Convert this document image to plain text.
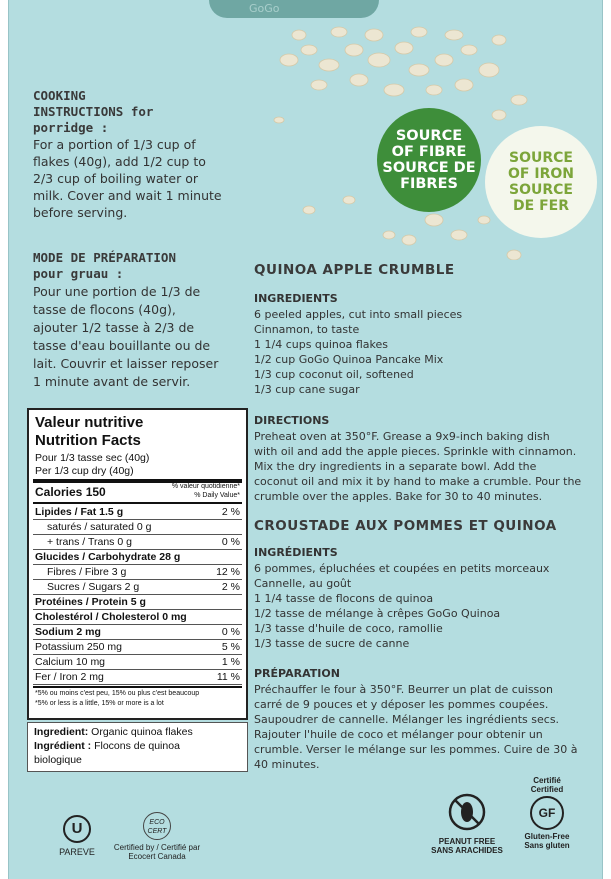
GoGo
COOKING
INSTRUCTIONS for
porridge :
For a portion of 1/3 cup of
flakes (40g), add 1/2 cup to
2/3 cup of boiling water or
milk. Cover and wait 1 minute
before serving.
MODE DE PRÉPARATION
pour gruau :
Pour une portion de 1/3 de
tasse de flocons (40g),
ajouter 1/2 tasse à 2/3 de
tasse d'eau bouillante ou de
lait. Couvrir et laisser reposer
1 minute avant de servir.
SOURCE
OF FIBRE
SOURCE DE
FIBRES
SOURCE
OF IRON
SOURCE
DE FER
QUINOA APPLE CRUMBLE
INGREDIENTS
6 peeled apples, cut into small pieces
Cinnamon, to taste
1 1/4 cups quinoa flakes
1/2 cup GoGo Quinoa Pancake Mix
1/3 cup coconut oil, softened
1/3 cup cane sugar
DIRECTIONS
Preheat oven at 350°F. Grease a 9x9-inch baking dish
with oil and add the apple pieces. Sprinkle with cinnamon.
Mix the dry ingredients in a separate bowl. Add the
coconut oil and mix it by hand to make a crumble. Pour the
crumble over the apples. Bake for 30 to 40 minutes.
CROUSTADE AUX POMMES ET QUINOA
INGRÉDIENTS
6 pommes, épluchées et coupées en petits morceaux
Cannelle, au goût
1 1/4 tasse de flocons de quinoa
1/2 tasse de mélange à crêpes GoGo Quinoa
1/3 tasse d'huile de coco, ramollie
1/3 tasse de sucre de canne
PRÉPARATION
Préchauffer le four à 350°F. Beurrer un plat de cuisson
carré de 9 pouces et y déposer les pommes coupées.
Saupoudrer de cannelle. Mélanger les ingrédients secs.
Rajouter l'huile de coco et mélanger pour obtenir un
crumble. Verser le mélange sur les pommes. Cuire de 30 à
40 minutes.
U
PAREVE
ECO
CERT
Certified by / Certifié par
Ecocert Canada
PEANUT FREE
SANS ARACHIDES
Certifié
Certified
GF
Gluten-Free
Sans gluten
Valeur nutritive
Nutrition Facts
Pour 1/3 tasse sec (40g)
Per 1/3 cup dry (40g)
Calories 150	% valeur quotidienne*
% Daily Value*
Lipides / Fat 1.5 g	2 %
saturés / saturated 0 g
+ trans / Trans 0 g	0 %
Glucides / Carbohydrate 28 g
Fibres / Fibre 3 g	12 %
Sucres / Sugars 2 g	2 %
Protéines / Protein 5 g
Cholestérol / Cholesterol 0 mg
Sodium 2 mg	0 %
Potassium 250 mg	5 %
Calcium 10 mg	1 %
Fer / Iron 2 mg	11 %
*5% ou moins c'est peu, 15% ou plus c'est beaucoup
*5% or less is a little, 15% or more is a lot
Ingredient: Organic quinoa flakes
Ingrédient : Flocons de quinoa
biologique
